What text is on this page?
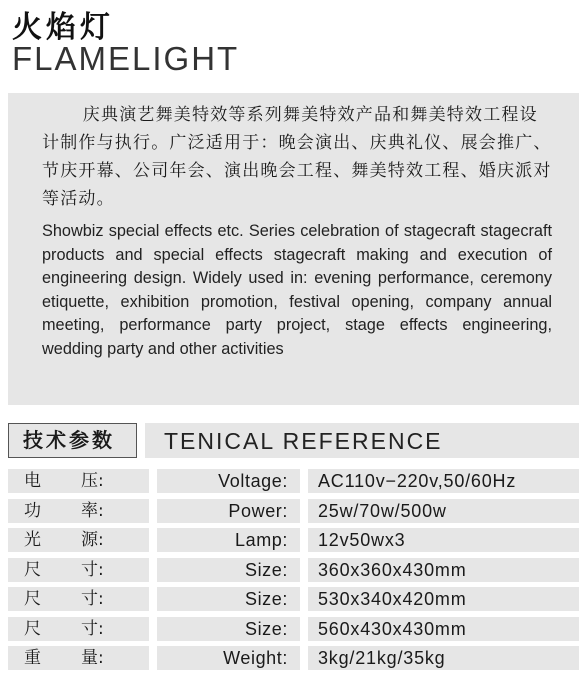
火焰灯
FLAMELIGHT
庆典演艺舞美特效等系列舞美特效产品和舞美特效工程设计制作与执行。广泛适用于：晚会演出、庆典礼仪、展会推广、节庆开幕、公司年会、演出晚会工程、舞美特效工程、婚庆派对等活动。
Showbiz special effects etc. Series celebration of stagecraft stagecraft products and special effects stagecraft making and execution of engineering design. Widely used in: evening performance, ceremony etiquette, exhibition promotion, festival opening, company annual meeting, performance party project, stage effects engineering, wedding party and other activities
技术参数	TENICAL REFERENCE
电 压:	Voltage:	AC110v−220v,50/60Hz
功 率:	Power:	25w/70w/500w
光 源:	Lamp:	12v50wx3
尺 寸:	Size:	360x360x430mm
尺 寸:	Size:	530x340x420mm
尺 寸:	Size:	560x430x430mm
重 量:	Weight:	3kg/21kg/35kg
